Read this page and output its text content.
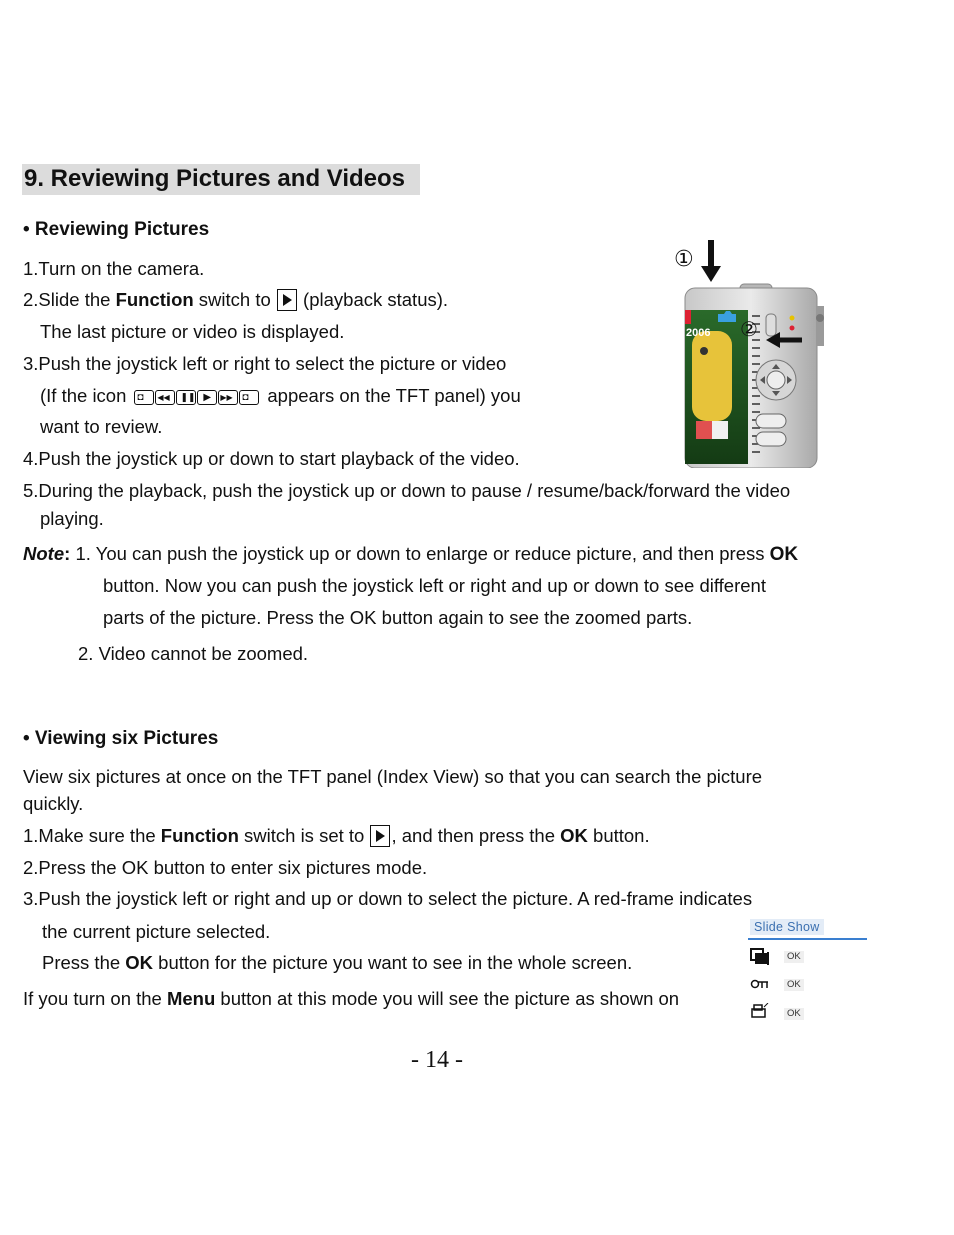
9. Reviewing Pictures and Videos
• Reviewing Pictures
1.Turn on the camera.
2.Slide the Function switch to  (playback status).
The last picture or video is displayed.
3.Push the joystick left or right to select the picture or video
(If the icon ◘ ◀◀ ❚❚ ▶ ▶▶ ◘ appears on the TFT panel) you
want to review.
4.Push the joystick up or down to start playback of the video.
5.During the playback, push the joystick up or down to pause / resume/back/forward the video
playing.
Note: 1. You can push the joystick up or down to enlarge or reduce picture, and then press OK
button. Now you can push the joystick left or right and up or down to see different
parts of the picture. Press the OK button again to see the zoomed parts.
2. Video cannot be zoomed.
2006
①
②
• Viewing six Pictures
View six pictures at once on the TFT panel (Index View) so that you can search the picture
quickly.
1.Make sure the Function switch is set to , and then press the OK button.
2.Press the OK button to enter six pictures mode.
3.Push the joystick left or right and up or down to select the picture. A red-frame indicates
the current picture selected.
Press the OK button for the picture you want to see in the whole screen.
If you turn on the Menu button at this mode you will see the picture as shown on
Slide Show
OK
OK
OK
- 14 -
